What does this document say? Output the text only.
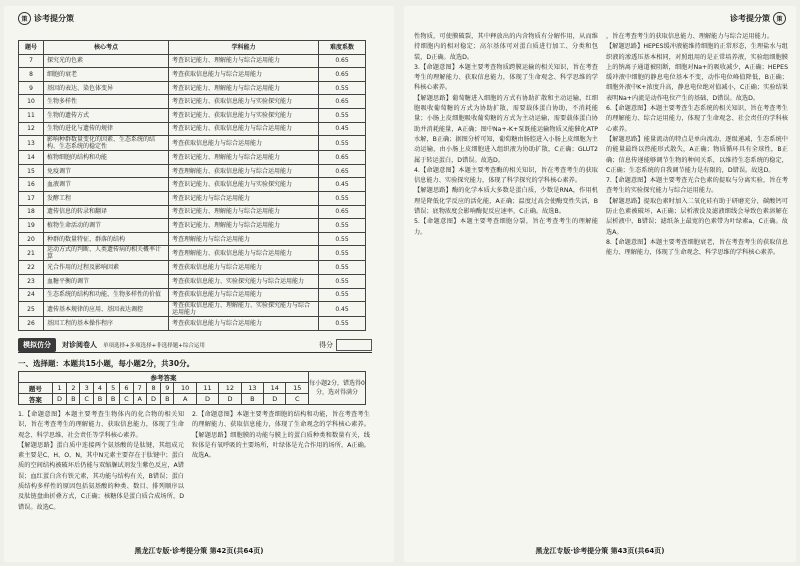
策 诊考提分策
题号	核心考点	学科能力	难度系数
7	探究光的色素	考查识记能力、理解能力与综合运用能力	0.65
8	细胞的衰老	考查获取信息能力与综合运用能力	0.65
9	基因的表达、染色体变异	考查识记能力、理解能力与综合运用能力	0.55
10	生物多样性	考查识记能力、获取信息能力与实验探究能力	0.65
11	生物的遗传方式	考查识记能力、获取信息能力与实验探究能力	0.55
12	生物的进化与遗传的规律	考查识记能力、获取信息能力与综合运用能力	0.45
13	影响种群数量变化的因素、生态系统的结构、生态系统的稳定性	考查获取信息能力与综合运用能力	0.55
14	植物细胞的结构和功能	考查识记能力、理解能力与综合运用能力	0.65
15	免疫调节	考查理解能力、获取信息能力与综合运用能力	0.65
16	血液调节	考查识记能力、获取信息能力与实验探究能力	0.45
17	发酵工程	考查识记能力与综合运用能力	0.55
18	遗传信息的转录和翻译	考查识记能力、理解能力与综合运用能力	0.65
19	植物生命活动的调节	考查识记能力、理解能力与综合运用能力	0.55
20	种群的数量特征、群落的结构	考查理解能力与综合运用能力	0.55
21	运动方式的判断、人类遗传病的相关概率计算	考查理解能力、获取信息能力与综合运用能力	0.55
22	光合作用的过程及影响因素	考查获取信息能力与综合运用能力	0.55
23	血糖平衡的调节	考查获取信息能力、实验探究能力与综合运用能力	0.55
24	生态系统的结构和功能、生物多样性的价值	考查获取信息能力与综合运用能力	0.55
25	遗传基本规律的应用、基因表达调控	考查获取信息能力、理解能力、实验探究能力与综合运用能力	0.45
26	基因工程的基本操作程序	考查获取信息能力与综合运用能力	0.55
模拟仿分	对诊阅卷人 单项选择+多项选择+非选择题+综合运用	得分
一、选择题：本题共15小题，每小题2分，共30分。
参考答案																每小题2分，错选得0分，选对得满分
题号	1	2	3	4	5	6	7	8	9	10	11	12	13	14	15	
答案	D	B	C	B	B	C	A	D	B	A	D	D	B	D	C	
1.【命题意图】本题主要考查生物体内的化合物的相关知识，旨在考查考生的理解能力、获取信息能力，体现了生命观念、科学思维、社会责任等学科核心素养。
【解题思路】蛋白质中连接两个氨基酸的是肽键，其组成元素主要是C、H、O、N，其中N元素主要存在于肽键中；蛋白质的空间结构被破坏后仍能与双缩脲试剂发生紫色反应，A错误；血红蛋白含有铁元素，其功能与结构有关，B错误；蛋白质结构多样性的原因包括氨基酸的种类、数目、排列顺序以及肽链盘曲折叠方式，C正确；核糖体是蛋白质合成场所，D错误。故选C。
2.【命题意图】本题主要考查细胞的结构和功能，旨在考查考生的理解能力、获取信息能力，体现了生命观念的学科核心素养。【解题思路】细胞膜的功能与膜上的蛋白质种类和数量有关，线粒体是有氧呼吸的主要场所，叶绿体是光合作用的场所，A正确。故选A。
黑龙江专版·诊考提分策 第42页(共64页)
诊考提分策	策
性物质，可使膜破裂，其中释放出的内含物质有分解作用，从而维持细胞内的相对稳定；高尔基体可对蛋白质进行加工、分类和包装，D正确。故选D。
3.【命题意图】本题主要考查物质跨膜运输的相关知识，旨在考查考生的理解能力、获取信息能力，体现了生命观念、科学思维的学科核心素养。
【解题思路】葡萄糖进入细胞的方式有协助扩散和主动运输，红细胞吸收葡萄糖的方式为协助扩散，需要载体蛋白协助，不消耗能量；小肠上皮细胞吸收葡萄糖的方式为主动运输，需要载体蛋白协助并消耗能量，A正确；图中Na+-K+泵既能运输物质又能催化ATP水解，B正确；据图分析可知，葡萄糖由肠腔进入小肠上皮细胞为主动运输，由小肠上皮细胞进入组织液为协助扩散，C正确；GLUT2属于转运蛋白，D错误。故选D。
4.【命题意图】本题主要考查酶的相关知识，旨在考查考生的获取信息能力、实验探究能力，体现了科学探究的学科核心素养。
【解题思路】酶的化学本质大多数是蛋白质，少数是RNA，作用机理是降低化学反应的活化能，A正确；温度过高会使酶变性失活，B错误；底物浓度会影响酶促反应速率，C正确。故选B。
5.【命题意图】本题主要考查细胞分裂，旨在考查考生的理解能力。
，旨在考查考生的获取信息能力、理解能力与综合运用能力。
【解题思路】HEPES缓冲液能维持细胞的正常形态，生理盐水与组织液的渗透压基本相同，对照组用的是正常培养液，实验组细胞膜上的钠离子通道被阻断，细胞对Na+的吸收减少，A正确；HEPES缓冲液中细胞的静息电位基本不变，动作电位峰值降低，B正确；细胞外液中K+浓度升高，静息电位绝对值减小，C正确；实验结果表明Na+内流是动作电位产生的基础，D错误。故选D。
6.【命题意图】本题主要考查生态系统的相关知识，旨在考查考生的理解能力、综合运用能力，体现了生命观念、社会责任的学科核心素养。
【解题思路】能量流动的特点是单向流动、逐级递减，生态系统中的能量最终以热能形式散失，A正确；物质循环具有全球性，B正确；信息传递能够调节生物的种间关系，以维持生态系统的稳定，C正确；生态系统的自我调节能力是有限的，D错误。故选D。
7.【命题意图】本题主要考查光合色素的提取与分离实验，旨在考查考生的实验探究能力与综合运用能力。
【解题思路】提取色素时加入二氧化硅有助于研磨充分，碳酸钙可防止色素被破坏，A正确；层析液没及滤液细线会导致色素溶解在层析液中，B错误；滤纸条上最宽的色素带为叶绿素a，C正确。故选A。
8.【命题意图】本题主要考查细胞衰老，旨在考查考生的获取信息能力、理解能力，体现了生命观念、科学思维的学科核心素养。
黑龙江专版·诊考提分策 第43页(共64页)
